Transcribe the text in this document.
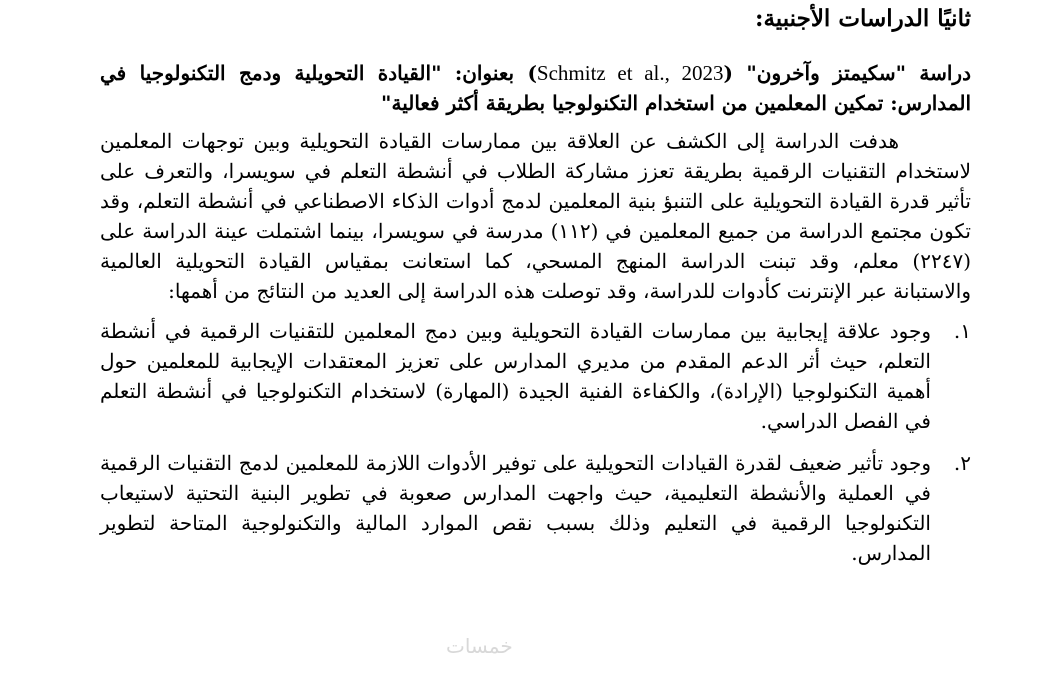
ثانيًا الدراسات الأجنبية:

دراسة "سكيمتز وآخرون" (Schmitz et al., 2023) بعنوان: "القيادة التحويلية ودمج التكنولوجيا في المدارس: تمكين المعلمين من استخدام التكنولوجيا بطريقة أكثر فعالية"

هدفت الدراسة إلى الكشف عن العلاقة بين ممارسات القيادة التحويلية وبين توجهات المعلمين لاستخدام التقنيات الرقمية بطريقة تعزز مشاركة الطلاب في أنشطة التعلم في سويسرا، والتعرف على تأثير قدرة القيادة التحويلية على التنبؤ بنية المعلمين لدمج أدوات الذكاء الاصطناعي في أنشطة التعلم، وقد تكون مجتمع الدراسة من جميع المعلمين في (١١٢) مدرسة في سويسرا، بينما اشتملت عينة الدراسة على (٢٢٤٧) معلم، وقد تبنت الدراسة المنهج المسحي، كما استعانت بمقياس القيادة التحويلية العالمية والاستبانة عبر الإنترنت كأدوات للدراسة، وقد توصلت هذه الدراسة إلى العديد من النتائج من أهمها:

١.
وجود علاقة إيجابية بين ممارسات القيادة التحويلية وبين دمج المعلمين للتقنيات الرقمية في أنشطة التعلم، حيث أثر الدعم المقدم من مديري المدارس على تعزيز المعتقدات الإيجابية للمعلمين حول أهمية التكنولوجيا (الإرادة)، والكفاءة الفنية الجيدة (المهارة) لاستخدام التكنولوجيا في أنشطة التعلم في الفصل الدراسي.
٢.
وجود تأثير ضعيف لقدرة القيادات التحويلية على توفير الأدوات اللازمة للمعلمين لدمج التقنيات الرقمية في العملية والأنشطة التعليمية، حيث واجهت المدارس صعوبة في تطوير البنية التحتية لاستيعاب التكنولوجيا الرقمية في التعليم وذلك بسبب نقص الموارد المالية والتكنولوجية المتاحة لتطوير المدارس.
خمسات
